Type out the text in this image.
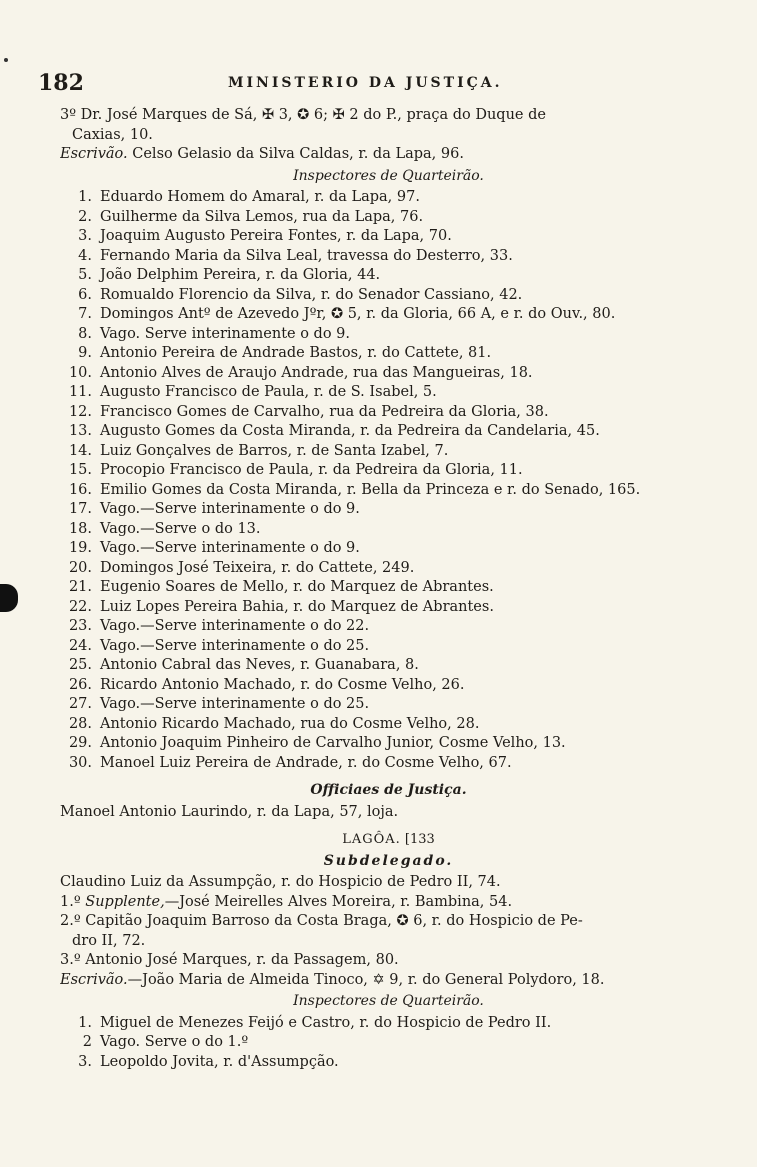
182	MINISTERIO DA JUSTIÇA.
3º Dr. José Marques de Sá, ✠ 3, ✪ 6; ✠ 2 do P., praça do Duque de
Caxias, 10.
Escrivão. Celso Gelasio da Silva Caldas, r. da Lapa, 96.
Inspectores de Quarteirão.
1. Eduardo Homem do Amaral, r. da Lapa, 97.
2. Guilherme da Silva Lemos, rua da Lapa, 76.
3. Joaquim Augusto Pereira Fontes, r. da Lapa, 70.
4. Fernando Maria da Silva Leal, travessa do Desterro, 33.
5. João Delphim Pereira, r. da Gloria, 44.
6. Romualdo Florencio da Silva, r. do Senador Cassiano, 42.
7. Domingos Antº de Azevedo Jºr, ✪ 5, r. da Gloria, 66 A, e r. do Ouv., 80.
8. Vago. Serve interinamente o do 9.
9. Antonio Pereira de Andrade Bastos, r. do Cattete, 81.
10. Antonio Alves de Araujo Andrade, rua das Mangueiras, 18.
11. Augusto Francisco de Paula, r. de S. Isabel, 5.
12. Francisco Gomes de Carvalho, rua da Pedreira da Gloria, 38.
13. Augusto Gomes da Costa Miranda, r. da Pedreira da Candelaria, 45.
14. Luiz Gonçalves de Barros, r. de Santa Izabel, 7.
15. Procopio Francisco de Paula, r. da Pedreira da Gloria, 11.
16. Emilio Gomes da Costa Miranda, r. Bella da Princeza e r. do Senado, 165.
17. Vago.—Serve interinamente o do 9.
18. Vago.—Serve o do 13.
19. Vago.—Serve interinamente o do 9.
20. Domingos José Teixeira, r. do Cattete, 249.
21. Eugenio Soares de Mello, r. do Marquez de Abrantes.
22. Luiz Lopes Pereira Bahia, r. do Marquez de Abrantes.
23. Vago.—Serve interinamente o do 22.
24. Vago.—Serve interinamente o do 25.
25. Antonio Cabral das Neves, r. Guanabara, 8.
26. Ricardo Antonio Machado, r. do Cosme Velho, 26.
27. Vago.—Serve interinamente o do 25.
28. Antonio Ricardo Machado, rua do Cosme Velho, 28.
29. Antonio Joaquim Pinheiro de Carvalho Junior, Cosme Velho, 13.
30. Manoel Luiz Pereira de Andrade, r. do Cosme Velho, 67.
Officiaes de Justiça.
Manoel Antonio Laurindo, r. da Lapa, 57, loja.
LAGÔA. [133
Subdelegado.
Claudino Luiz da Assumpção, r. do Hospicio de Pedro II, 74.
1.º Supplente,—José Meirelles Alves Moreira, r. Bambina, 54.
2.º Capitão Joaquim Barroso da Costa Braga, ✪ 6, r. do Hospicio de Pe-
dro II, 72.
3.º Antonio José Marques, r. da Passagem, 80.
Escrivão.—João Maria de Almeida Tinoco, ✡ 9, r. do General Polydoro, 18.
Inspectores de Quarteirão.
1. Miguel de Menezes Feijó e Castro, r. do Hospicio de Pedro II.
2 Vago. Serve o do 1.º
3. Leopoldo Jovita, r. d'Assumpção.
